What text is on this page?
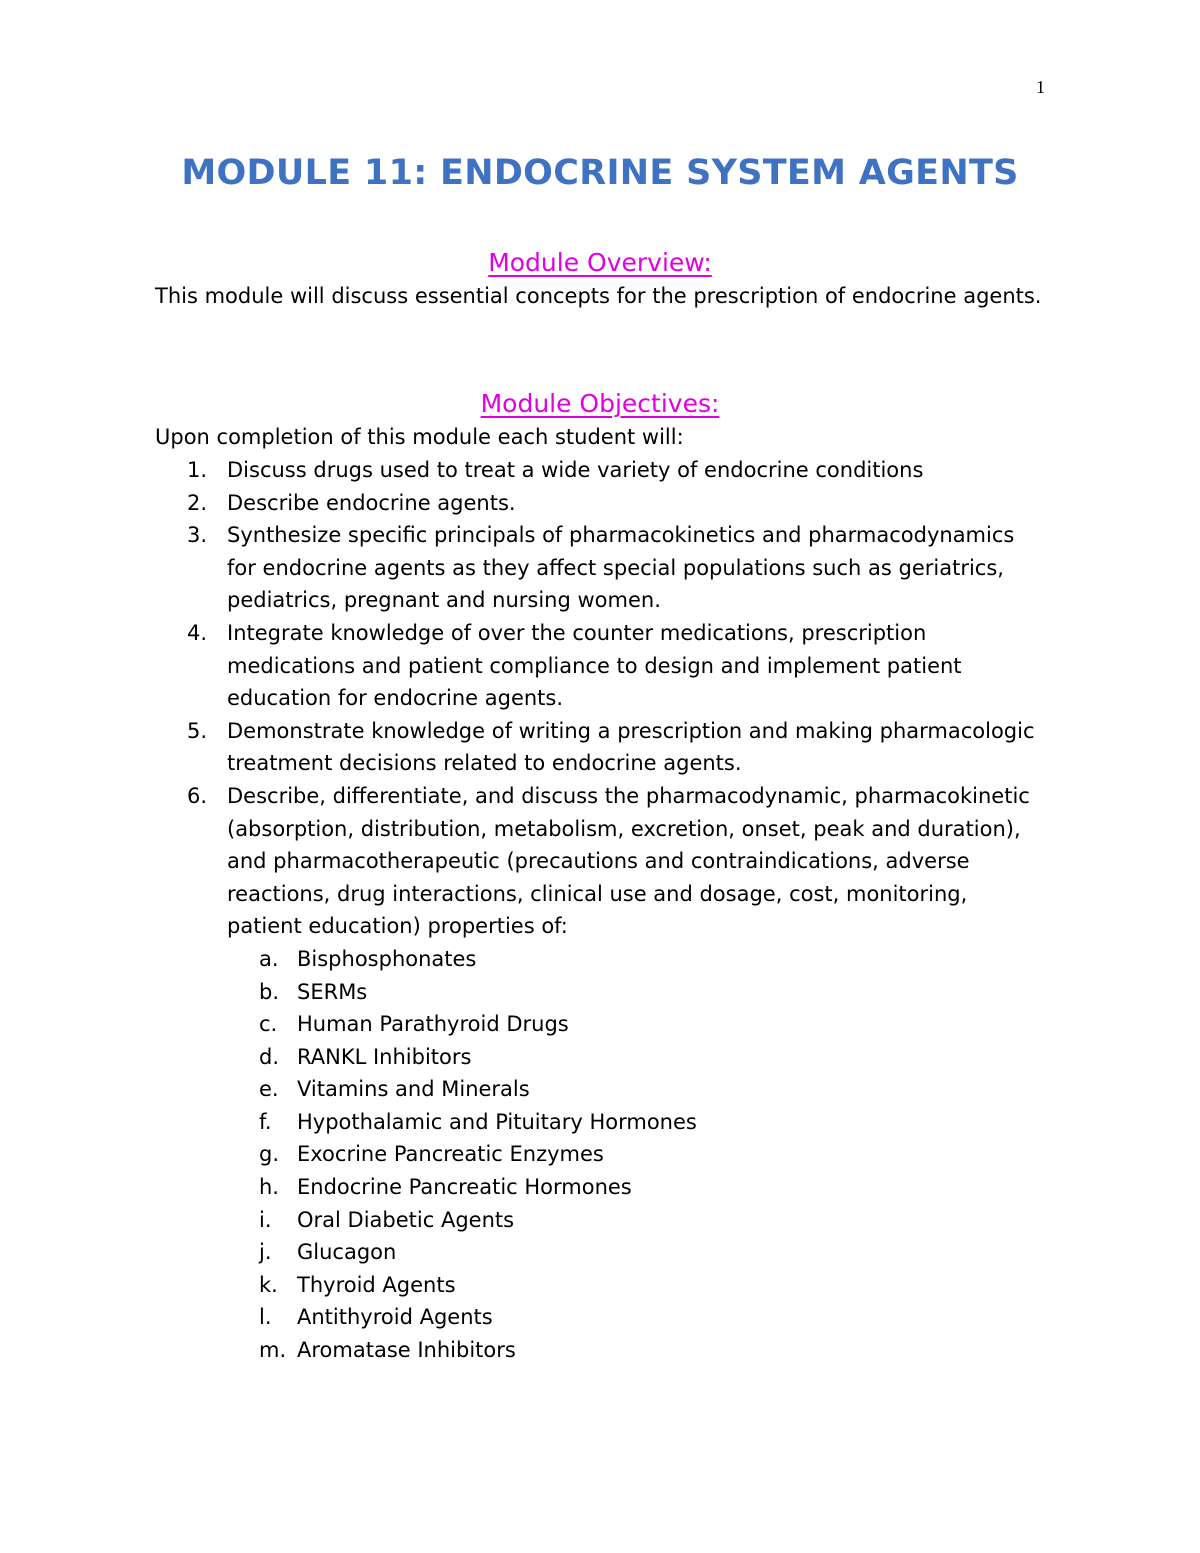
1
MODULE 11: ENDOCRINE SYSTEM AGENTS
Module Overview:

This module will discuss essential concepts for the prescription of endocrine agents.

Module Objectives:

Upon completion of this module each student will:

1. Discuss drugs used to treat a wide variety of endocrine conditions
2. Describe endocrine agents.
3. Synthesize specific principals of pharmacokinetics and pharmacodynamics for endocrine agents as they affect special populations such as geriatrics, pediatrics, pregnant and nursing women.
4. Integrate knowledge of over the counter medications, prescription medications and patient compliance to design and implement patient education for endocrine agents.
5. Demonstrate knowledge of writing a prescription and making pharmacologic treatment decisions related to endocrine agents.
6. Describe, differentiate, and discuss the pharmacodynamic, pharmacokinetic (absorption, distribution, metabolism, excretion, onset, peak and duration), and pharmacotherapeutic (precautions and contraindications, adverse reactions, drug interactions, clinical use and dosage, cost, monitoring, patient education) properties of:
a. Bisphosphonates
b. SERMs
c. Human Parathyroid Drugs
d. RANKL Inhibitors
e. Vitamins and Minerals
f. Hypothalamic and Pituitary Hormones
g. Exocrine Pancreatic Enzymes
h. Endocrine Pancreatic Hormones
i. Oral Diabetic Agents
j. Glucagon
k. Thyroid Agents
l. Antithyroid Agents
m. Aromatase Inhibitors
